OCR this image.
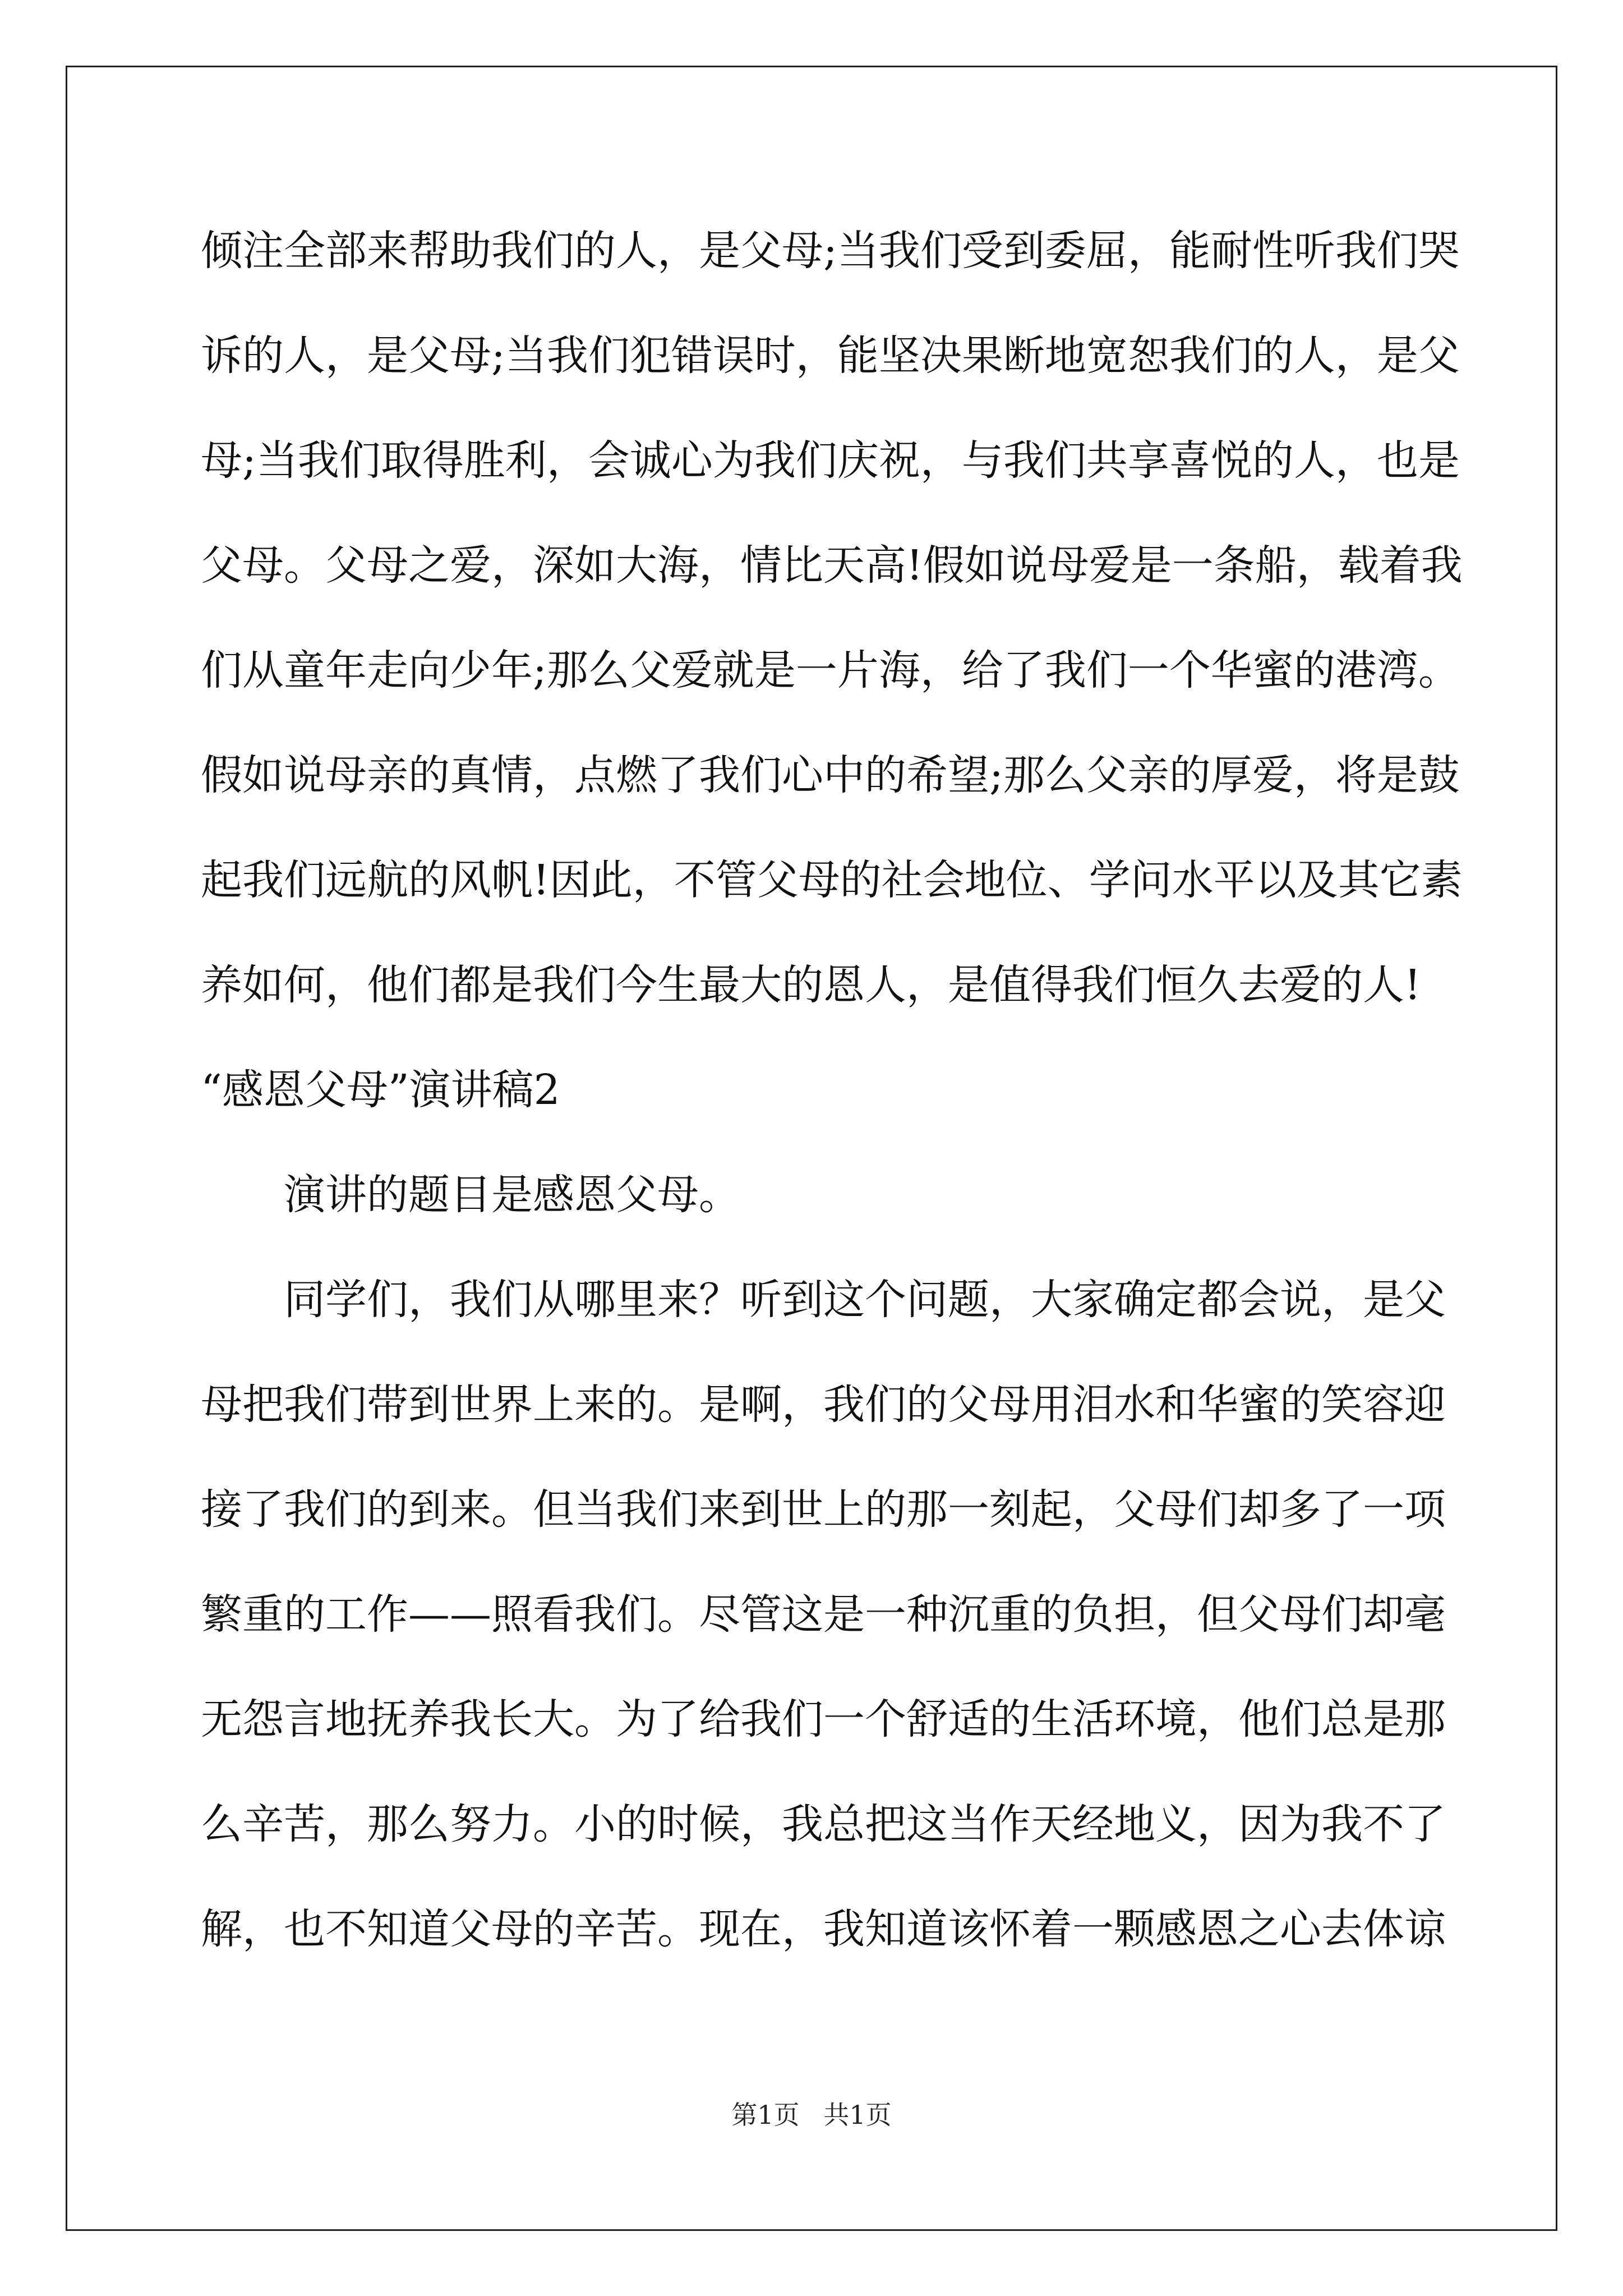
倾注全部来帮助我们的人，是父母;当我们受到委屈，能耐性听我们哭
诉的人，是父母;当我们犯错误时，能坚决果断地宽恕我们的人，是父
母;当我们取得胜利，会诚心为我们庆祝，与我们共享喜悦的人，也是
父母。父母之爱，深如大海，情比天高!假如说母爱是一条船，载着我
们从童年走向少年;那么父爱就是一片海，给了我们一个华蜜的港湾。
假如说母亲的真情，点燃了我们心中的希望;那么父亲的厚爱，将是鼓
起我们远航的风帆!因此，不管父母的社会地位、学问水平以及其它素
养如何，他们都是我们今生最大的恩人，是值得我们恒久去爱的人!
“感恩父母”演讲稿2
演讲的题目是感恩父母。
同学们，我们从哪里来？听到这个问题，大家确定都会说，是父
母把我们带到世界上来的。是啊，我们的父母用泪水和华蜜的笑容迎
接了我们的到来。但当我们来到世上的那一刻起，父母们却多了一项
繁重的工作——照看我们。尽管这是一种沉重的负担，但父母们却毫
无怨言地抚养我长大。为了给我们一个舒适的生活环境，他们总是那
么辛苦，那么努力。小的时候，我总把这当作天经地义，因为我不了
解，也不知道父母的辛苦。现在，我知道该怀着一颗感恩之心去体谅
第1页 共1页
